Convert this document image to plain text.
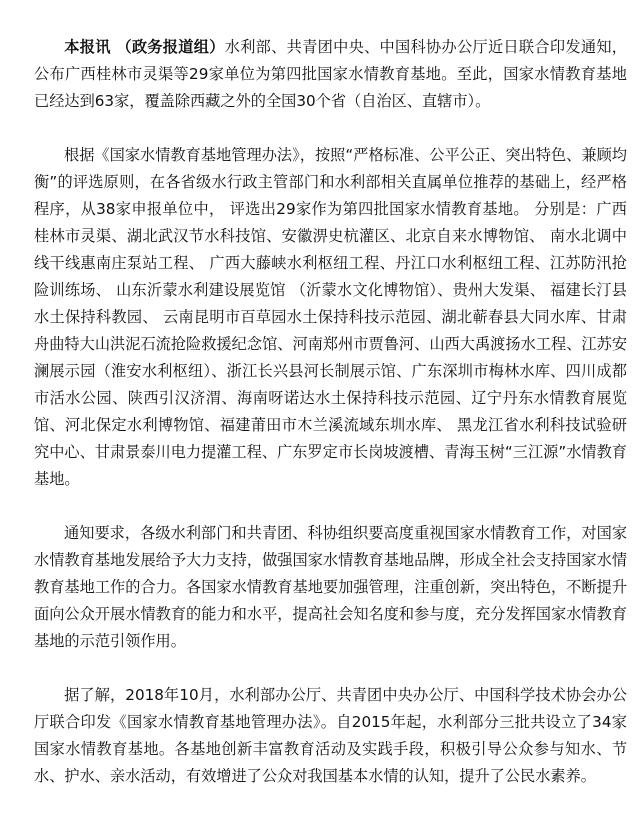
本报讯 （政务报道组）水利部、共青团中央、中国科协办公厅近日联合印发通知，公布广西桂林市灵渠等29家单位为第四批国家水情教育基地。至此，国家水情教育基地已经达到63家，覆盖除西藏之外的全国30个省（自治区、直辖市）。

根据《国家水情教育基地管理办法》，按照“严格标准、公平公正、突出特色、兼顾均衡”的评选原则，在各省级水行政主管部门和水利部相关直属单位推荐的基础上，经严格程序，从38家申报单位中， 评选出29家作为第四批国家水情教育基地。 分别是：广西桂林市灵渠、湖北武汉节水科技馆、安徽淠史杭灌区、北京自来水博物馆、 南水北调中线干线惠南庄泵站工程、 广西大藤峡水利枢纽工程、丹江口水利枢纽工程、江苏防汛抢险训练场、 山东沂蒙水利建设展览馆 （沂蒙水文化博物馆）、贵州大发渠、 福建长汀县水土保持科教园、 云南昆明市百草园水土保持科技示范园、湖北蕲春县大同水库、甘肃舟曲特大山洪泥石流抢险救援纪念馆、河南郑州市贾鲁河、山西大禹渡扬水工程、江苏安澜展示园（淮安水利枢纽）、浙江长兴县河长制展示馆、广东深圳市梅林水库、四川成都市活水公园、陕西引汉济渭、海南呀诺达水土保持科技示范园、辽宁丹东水情教育展览馆、河北保定水利博物馆、福建莆田市木兰溪流域东圳水库、 黑龙江省水利科技试验研究中心、甘肃景泰川电力提灌工程、广东罗定市长岗坡渡槽、青海玉树“三江源”水情教育基地。

通知要求，各级水利部门和共青团、科协组织要高度重视国家水情教育工作，对国家水情教育基地发展给予大力支持，做强国家水情教育基地品牌，形成全社会支持国家水情教育基地工作的合力。各国家水情教育基地要加强管理，注重创新，突出特色，不断提升面向公众开展水情教育的能力和水平，提高社会知名度和参与度，充分发挥国家水情教育基地的示范引领作用。

据了解，2018年10月，水利部办公厅、共青团中央办公厅、中国科学技术协会办公厅联合印发《国家水情教育基地管理办法》。自2015年起，水利部分三批共设立了34家国家水情教育基地。各基地创新丰富教育活动及实践手段，积极引导公众参与知水、节水、护水、亲水活动，有效增进了公众对我国基本水情的认知，提升了公民水素养。
